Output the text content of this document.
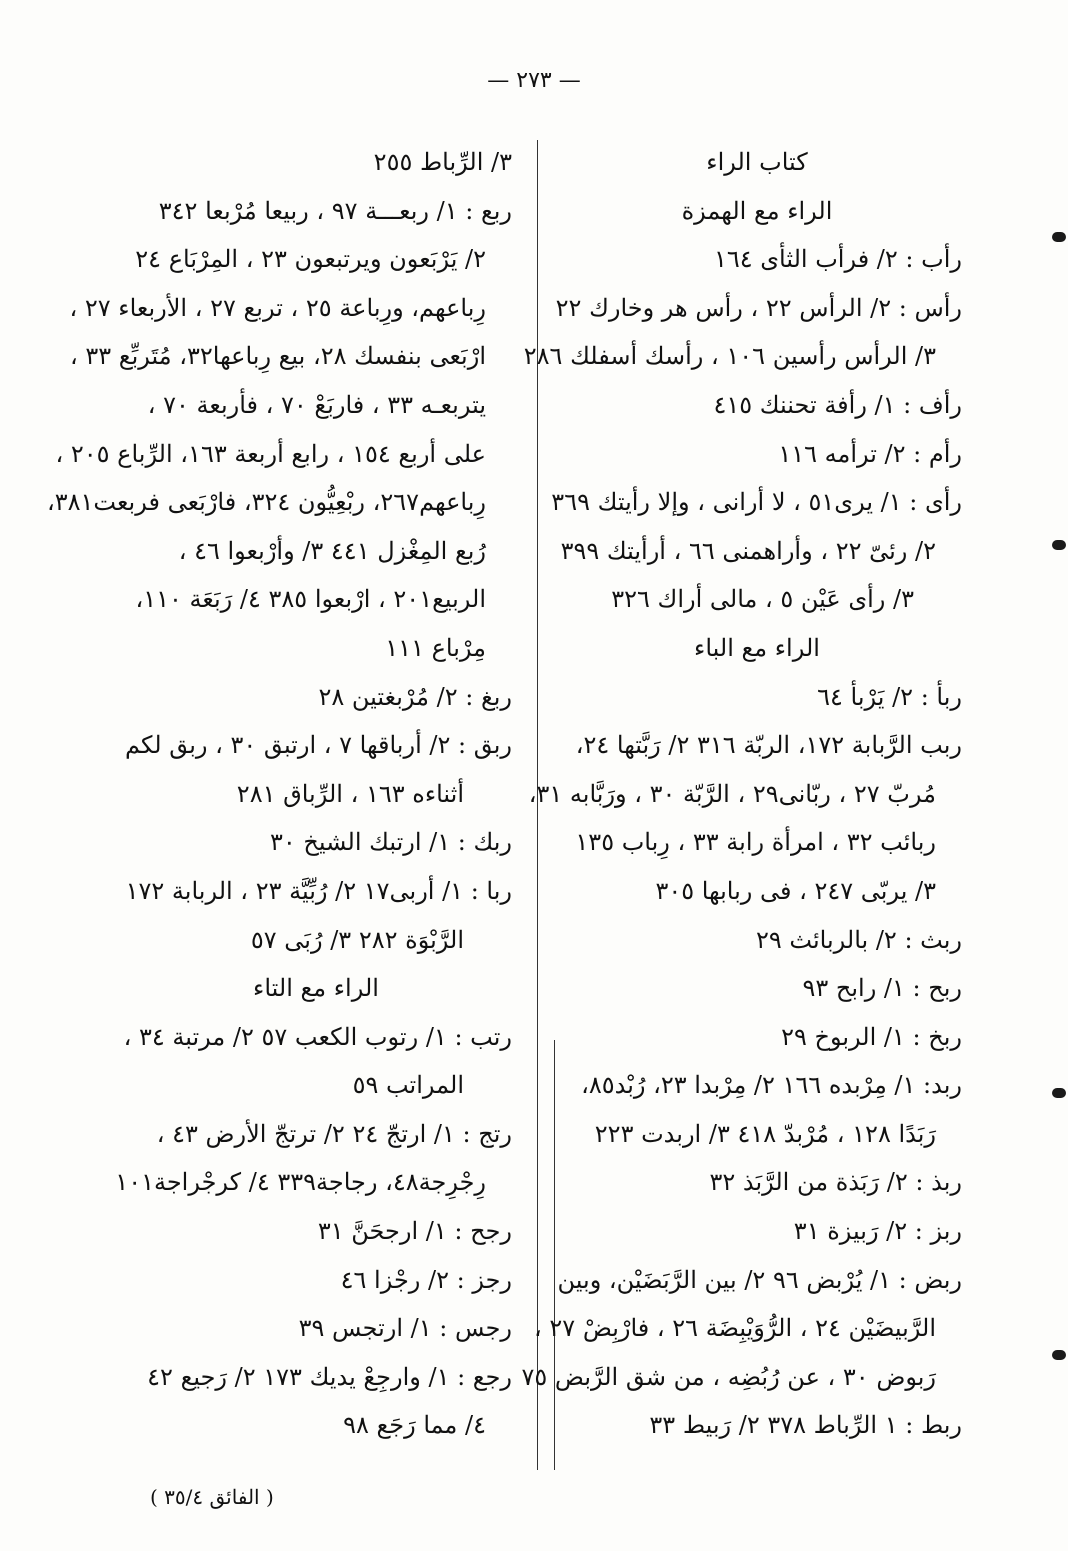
— ٢٧٣ —
كتاب الراء
الراء مع الهمزة
رأب : ٢/ فرأب الثأى ١٦٤
رأس : ٢/ الرأس ٢٢ ، رأس هر وخارك ٢٢
٣/ الرأس رأسين ١٠٦ ، رأسك أسفلك ٢٨٦
رأف : ١/ رأفة تحننك ٤١٥
رأم : ٢/ ترأمه ١١٦
رأى : ١/ يرى٥١ ، لا أرانى ، وإلا رأيتك ٣٦٩
٢/ رئىّ ٢٢ ، وأراهمنى ٦٦ ، أرأيتك ٣٩٩
٣/ رأى عَيْن ٥ ، مالى أراك ٣٢٦
الراء مع الباء
ربأ : ٢/ يَرْبأ ٦٤
ربب الرَّبابة ١٧٢، الربّة ٣١٦ ٢/ رَبَّتها ٢٤،
مُربّ ٢٧ ، ربّانى٢٩ ، الرَّبّة ٣٠ ، ورَبَّابه ٣١،
ربائب ٣٢ ، امرأة رابة ٣٣ ، رِباب ١٣٥
٣/ يربّى ٢٤٧ ، فى ربابها ٣٠٥
ربث : ٢/ بالربائث ٢٩
ربح : ١/ رابح ٩٣
ربخ : ١/ الربوخ ٢٩
ربد: ١/ مِرْبده ١٦٦ ٢/ مِرْبدا ٢٣، رُبْد٨٥،
رَبَدًا ١٢٨ ، مُرْبدّ ٤١٨ ٣/ اربدت ٢٢٣
ربذ : ٢/ رَبَذة من الرَّبَذ ٣٢
ربز : ٢/ رَبيزة ٣١
ربض : ١/ يُرْبض ٩٦ ٢/ بين الرَّبَضَيْن، وبين
الرَّبيضَيْن ٢٤ ، الرُّوَيْبِضَة ٢٦ ، فارْبِضْ ٢٧ ،
رَبوض ٣٠ ، عن رُبُضِه ، من شق الرَّبض ٧٥
ربط : ١ الرِّباط ٣٧٨ ٢/ رَبيط ٣٣
٣/ الرِّباط ٢٥٥
ربع : ١/ ربعـــة ٩٧ ، ربيعا مُرْبعا ٣٤٢
٢/ يَرْبَعون ويرتبعون ٢٣ ، المِرْبَاع ٢٤
رِباعهم، ورِباعة ٢٥ ، تربع ٢٧ ، الأربعاء ٢٧ ،
ارْبَعى بنفسك ٢٨، بيع رِباعها٣٢، مُتَربِّع ٣٣ ،
يتربعـه ٣٣ ، فاربَعْ ٧٠ ، فأربعة ٧٠ ،
على أربع ١٥٤ ، رابع أربعة ١٦٣، الرِّباع ٢٠٥ ،
رِباعهم٢٦٧، ربْعِيُّون ٣٢٤، فارْبَعى فربعت٣٨١،
رُبع المِغْزل ٤٤١ ٣/ وأرْبعوا ٤٦ ،
الربيع٢٠١ ، ارْبعوا ٣٨٥ ٤/ رَبَعَة ١١٠،
مِرْباع ١١١
ربغ : ٢/ مُرْبغتين ٢٨
ربق : ٢/ أرباقها ٧ ، ارتبق ٣٠ ، ربق لكم
أثناءه ١٦٣ ، الرِّباق ٢٨١
ربك : ١/ ارتبك الشيخ ٣٠
ربا : ١/ أربى١٧ ٢/ رُبِّيَّة ٢٣ ، الربابة ١٧٢
الرَّبْوَة ٢٨٢ ٣/ رُبَى ٥٧
الراء مع التاء
رتب : ١/ رتوب الكعب ٥٧ ٢/ مرتبة ٣٤ ،
المراتب ٥٩
رتج : ١/ ارتجّ ٢٤ ٢/ ترتجّ الأرض ٤٣ ،
رِجْرِجة٤٨، رجاجة٣٣٩ ٤/ كرجْراجة١٠١
رجح : ١/ ارجحَنَّ ٣١
رجز : ٢/ رجْزا ٤٦
رجس : ١/ ارتجس ٣٩
رجع : ١/ وارجِعْ يديك ١٧٣ ٢/ رَجيع ٤٢
٤/ مما رَجَع ٩٨
( الفائق ٣٥/٤ )
